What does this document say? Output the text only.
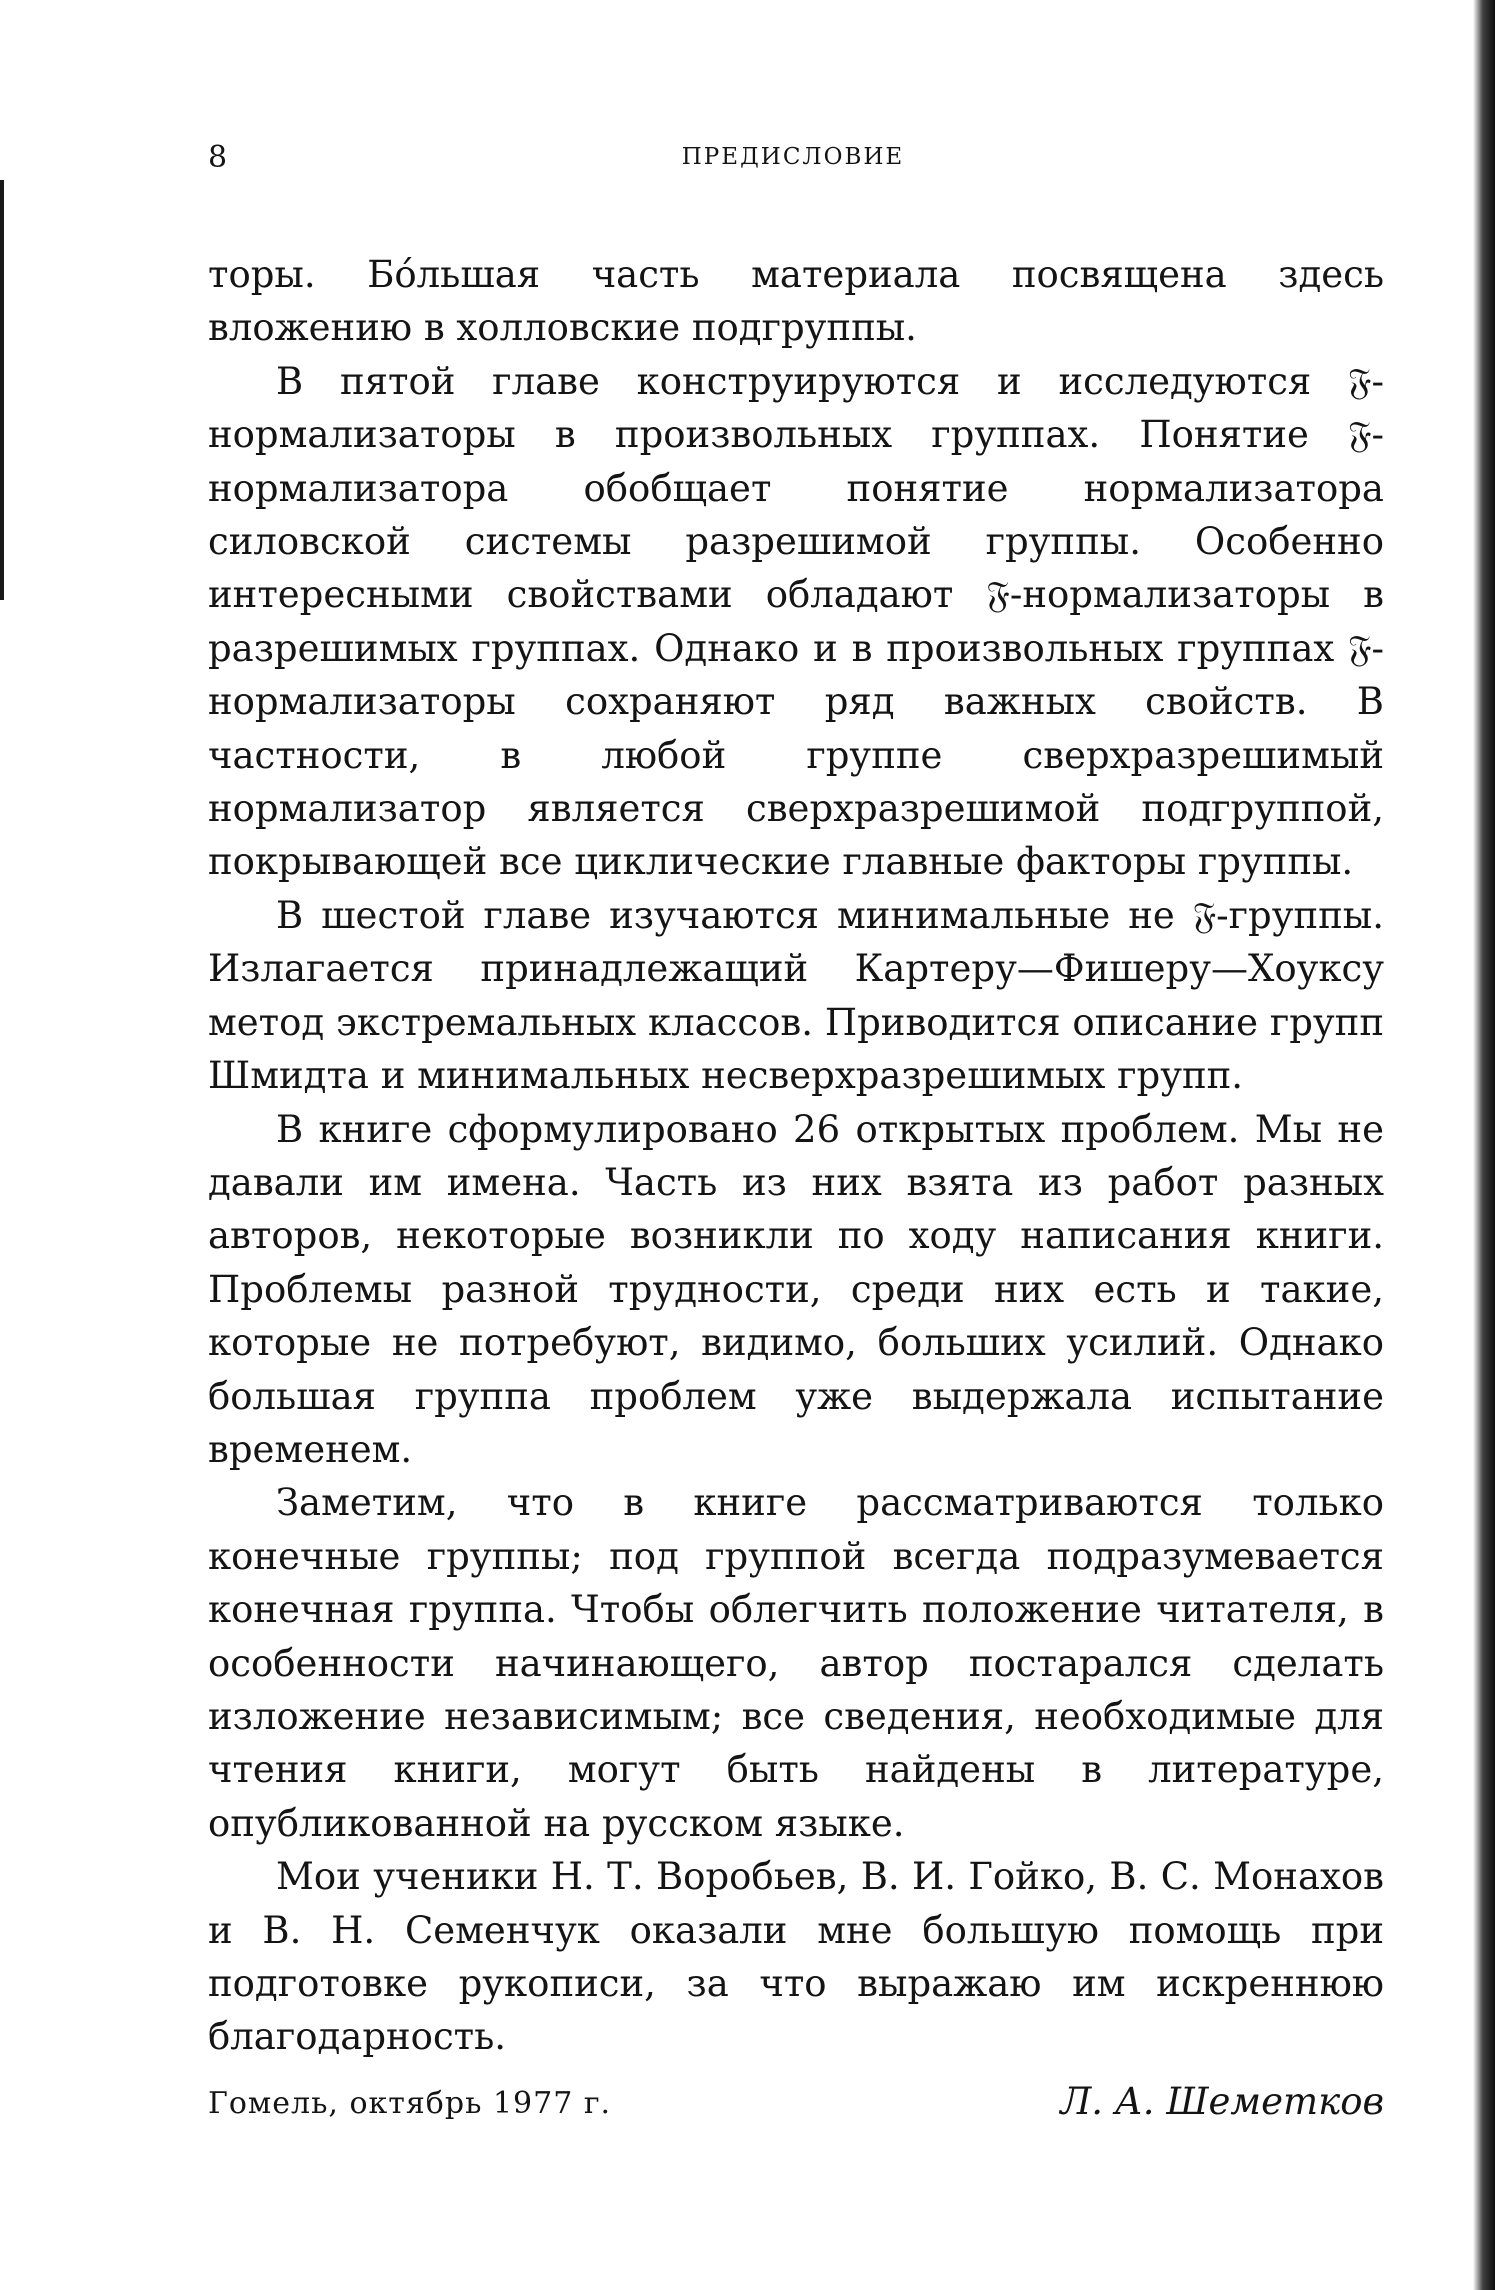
8	ПРЕДИСЛОВИЕ

торы. Бо́льшая часть материала посвящена здесь вложению в холловские подгруппы.

В пятой главе конструируются и исследуются 𝔉-нормализаторы в произвольных группах. Понятие 𝔉-нормализатора обобщает понятие нормализатора силовской системы разрешимой группы. Особенно интересными свойствами обладают 𝔉-нормализаторы в разрешимых группах. Однако и в произвольных группах 𝔉-нормализаторы сохраняют ряд важных свойств. В частности, в любой группе сверхразрешимый нормализатор является сверхразрешимой подгруппой, покрывающей все циклические главные факторы группы.

В шестой главе изучаются минимальные не 𝔉-группы. Излагается принадлежащий Картеру—Фишеру—Хоуксу метод экстремальных классов. Приводится описание групп Шмидта и минимальных несверхразрешимых групп.

В книге сформулировано 26 открытых проблем. Мы не давали им имена. Часть из них взята из работ разных авторов, некоторые возникли по ходу написания книги. Проблемы разной трудности, среди них есть и такие, которые не потребуют, видимо, больших усилий. Однако большая группа проблем уже выдержала испытание временем.

Заметим, что в книге рассматриваются только конечные группы; под группой всегда подразумевается конечная группа. Чтобы облегчить положение читателя, в особенности начинающего, автор постарался сделать изложение независимым; все сведения, необходимые для чтения книги, могут быть найдены в литературе, опубликованной на русском языке.

Мои ученики Н. Т. Воробьев, В. И. Гойко, В. С. Монахов и В. Н. Семенчук оказали мне большую помощь при подготовке рукописи, за что выражаю им искреннюю благодарность.

Гомель, октябрь 1977 г.	Л. А. Шеметков
